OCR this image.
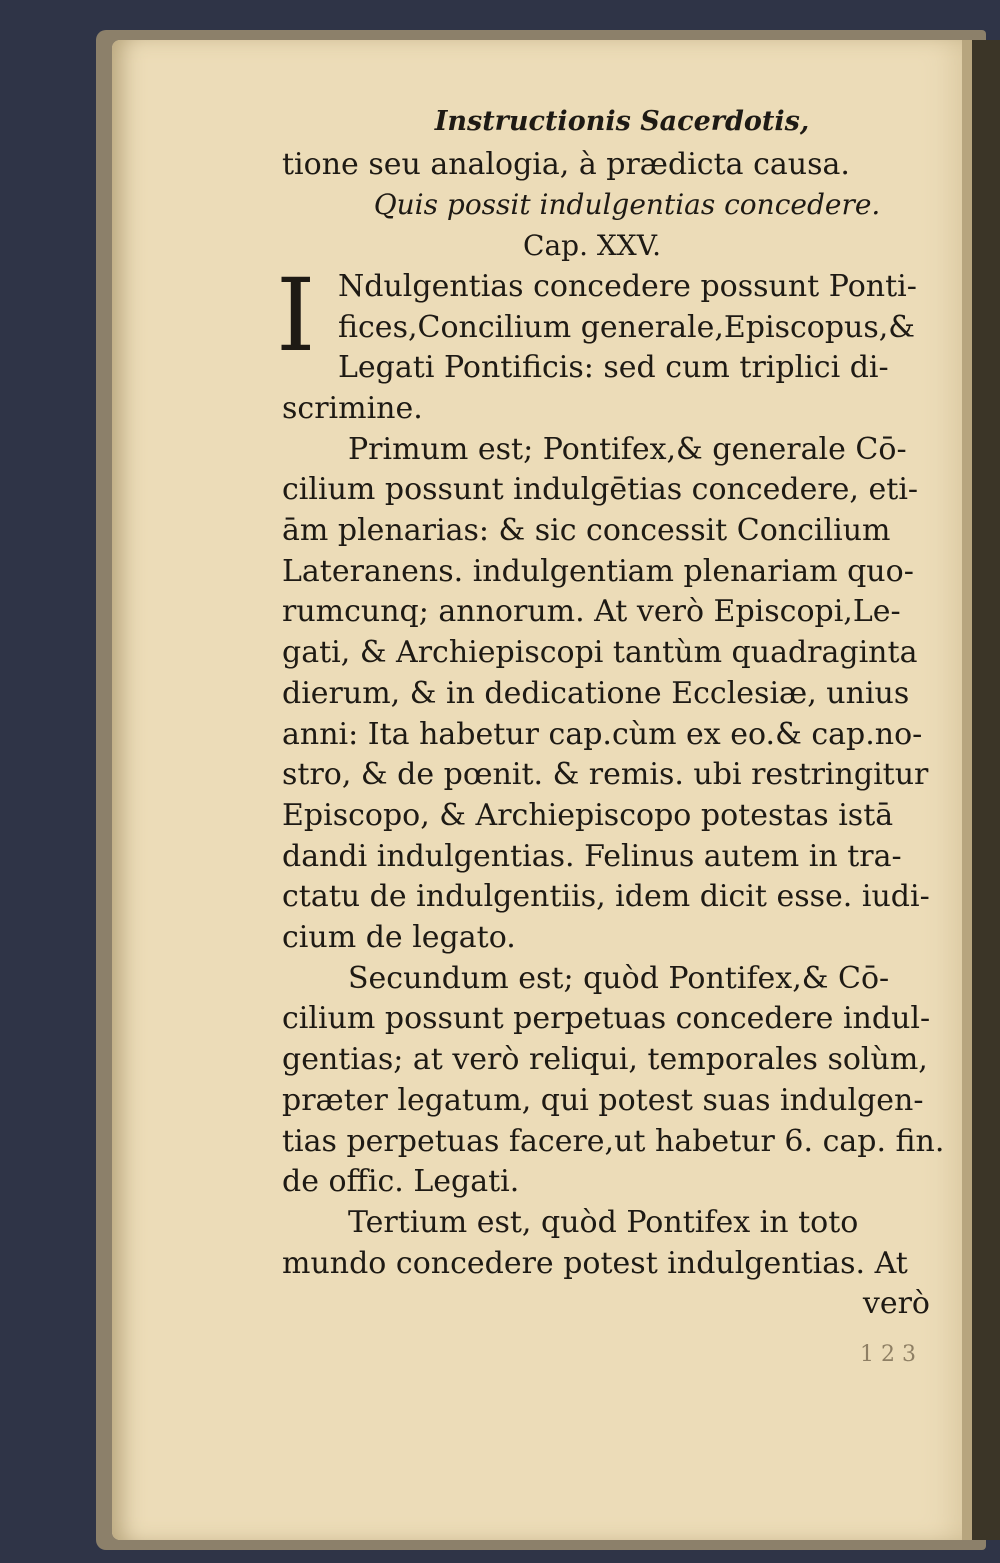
Instructionis Sacerdotis,
tione seu analogia, à prædicta causa.
Quis possit indulgentias concedere.
Cap. XXV.
I Ndulgentias concedere possunt Ponti-
fices,Concilium generale,Episcopus,&
Legati Pontificis: sed cum triplici di-
scrimine.
Primum est; Pontifex,& generale Cō-
cilium possunt indulgētias concedere, eti-
ām plenarias: & sic concessit Concilium
Lateranens. indulgentiam plenariam quo-
rumcunq; annorum. At verò Episcopi,Le-
gati, & Archiepiscopi tantùm quadraginta
dierum, & in dedicatione Ecclesiæ, unius
anni: Ita habetur cap.cùm ex eo.& cap.no-
stro, & de pœnit. & remis. ubi restringitur
Episcopo, & Archiepiscopo potestas istā
dandi indulgentias. Felinus autem in tra-
ctatu de indulgentiis, idem dicit esse. iudi-
cium de legato.
Secundum est; quòd Pontifex,& Cō-
cilium possunt perpetuas concedere indul-
gentias; at verò reliqui, temporales solùm,
præter legatum, qui potest suas indulgen-
tias perpetuas facere,ut habetur 6. cap. fin.
de offic. Legati.
Tertium est, quòd Pontifex in toto
mundo concedere potest indulgentias. At
verò
1 2 3
